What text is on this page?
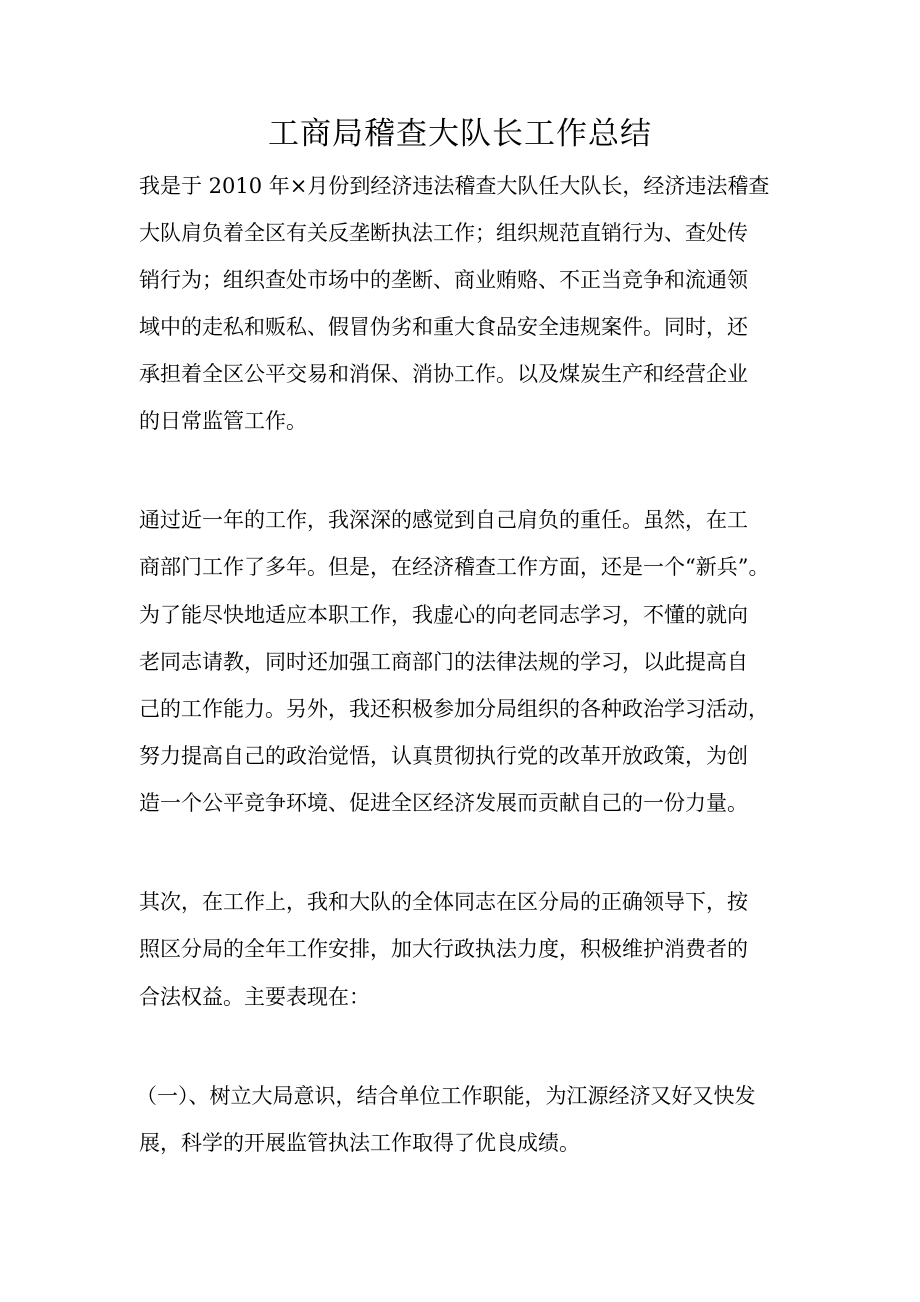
工商局稽查大队长工作总结

我是于 2010 年×月份到经济违法稽查大队任大队长，经济违法稽查

大队肩负着全区有关反垄断执法工作；组织规范直销行为、查处传

销行为；组织查处市场中的垄断、商业贿赂、不正当竞争和流通领

域中的走私和贩私、假冒伪劣和重大食品安全违规案件。同时，还

承担着全区公平交易和消保、消协工作。以及煤炭生产和经营企业

的日常监管工作。

通过近一年的工作，我深深的感觉到自己肩负的重任。虽然，在工

商部门工作了多年。但是，在经济稽查工作方面，还是一个“新兵”。

为了能尽快地适应本职工作，我虚心的向老同志学习，不懂的就向

老同志请教，同时还加强工商部门的法律法规的学习，以此提高自

己的工作能力。另外，我还积极参加分局组织的各种政治学习活动，

努力提高自己的政治觉悟，认真贯彻执行党的改革开放政策，为创

造一个公平竞争环境、促进全区经济发展而贡献自己的一份力量。

其次，在工作上，我和大队的全体同志在区分局的正确领导下，按

照区分局的全年工作安排，加大行政执法力度，积极维护消费者的

合法权益。主要表现在：

（一）、树立大局意识，结合单位工作职能，为江源经济又好又快发

展，科学的开展监管执法工作取得了优良成绩。
